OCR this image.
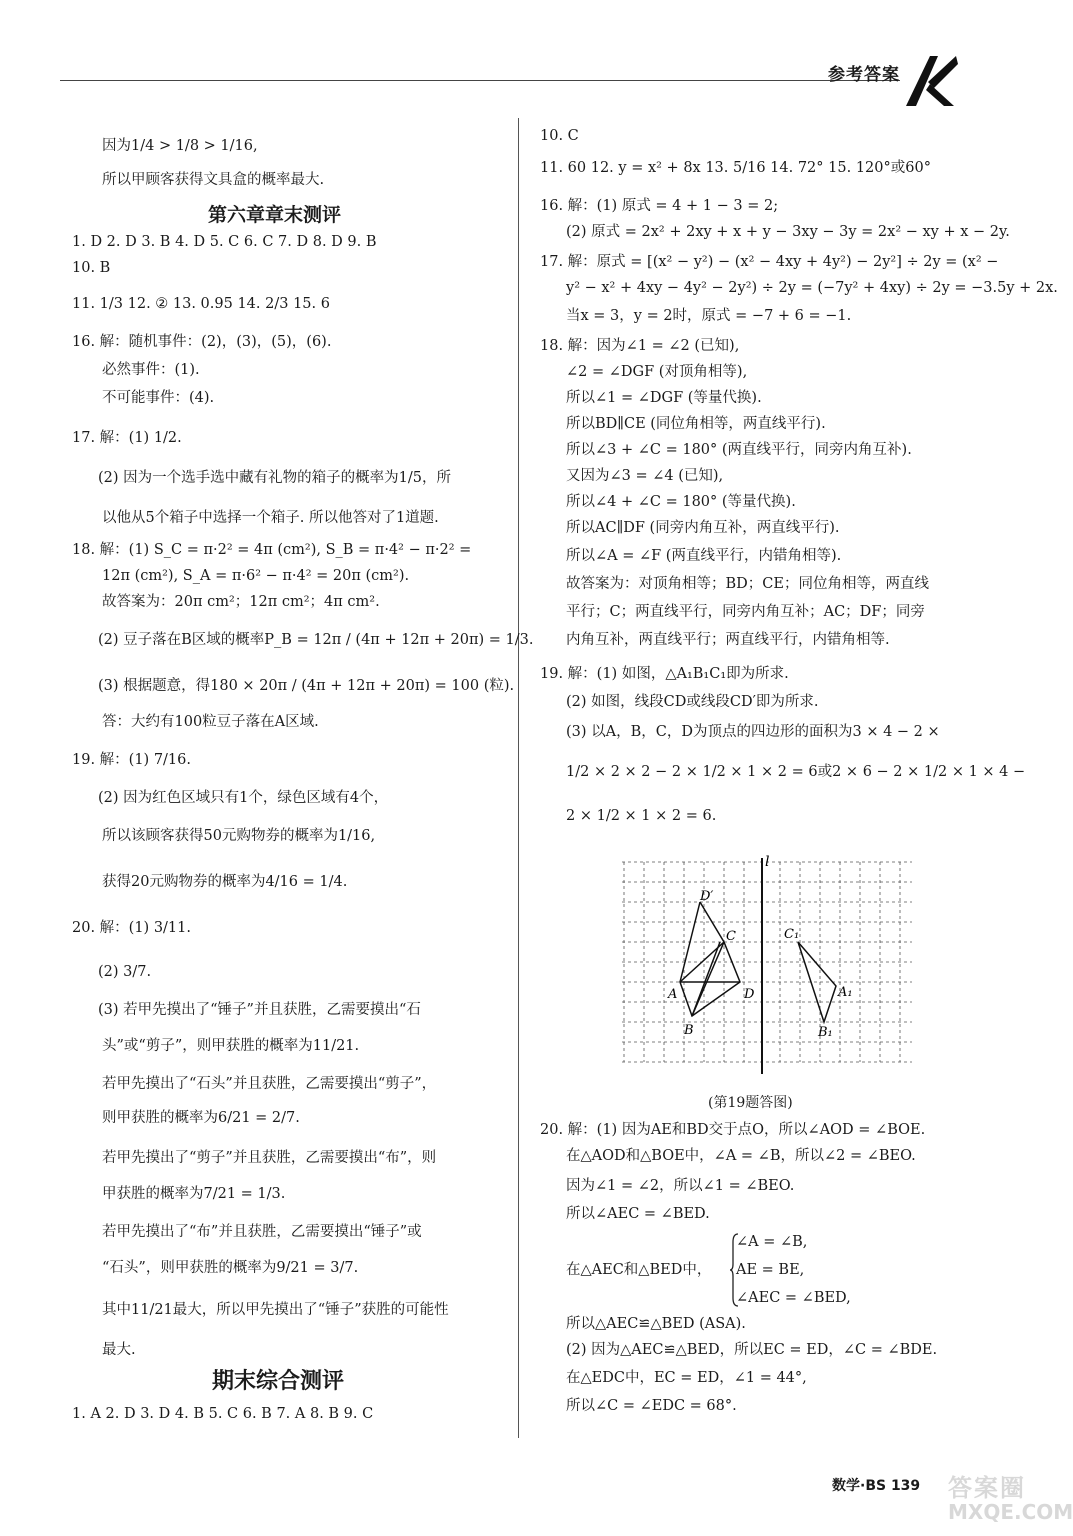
参考答案
因为1/4 > 1/8 > 1/16,
所以甲顾客获得文具盒的概率最大.
第六章章末测评
1. D 2. D 3. B 4. D 5. C 6. C 7. D 8. D 9. B
10. B
11. 1/3 12. ② 13. 0.95 14. 2/3 15. 6
16. 解：随机事件：(2)，(3)，(5)，(6).
必然事件：(1).
不可能事件：(4).
17. 解：(1) 1/2.
(2) 因为一个选手选中藏有礼物的箱子的概率为1/5，所
以他从5个箱子中选择一个箱子. 所以他答对了1道题.
18. 解：(1) S_C = π·2² = 4π (cm²), S_B = π·4² − π·2² =
12π (cm²), S_A = π·6² − π·4² = 20π (cm²).
故答案为：20π cm²；12π cm²；4π cm².
(2) 豆子落在B区域的概率P_B = 12π / (4π + 12π + 20π) = 1/3.
(3) 根据题意，得180 × 20π / (4π + 12π + 20π) = 100 (粒).
答：大约有100粒豆子落在A区域.
19. 解：(1) 7/16.
(2) 因为红色区域只有1个，绿色区域有4个，
所以该顾客获得50元购物券的概率为1/16,
获得20元购物券的概率为4/16 = 1/4.
20. 解：(1) 3/11.
(2) 3/7.
(3) 若甲先摸出了“锤子”并且获胜，乙需要摸出“石
头”或“剪子”，则甲获胜的概率为11/21.
若甲先摸出了“石头”并且获胜，乙需要摸出“剪子”，
则甲获胜的概率为6/21 = 2/7.
若甲先摸出了“剪子”并且获胜，乙需要摸出“布”，则
甲获胜的概率为7/21 = 1/3.
若甲先摸出了“布”并且获胜，乙需要摸出“锤子”或
“石头”，则甲获胜的概率为9/21 = 3/7.
其中11/21最大，所以甲先摸出了“锤子”获胜的可能性
最大.
期末综合测评
1. A 2. D 3. D 4. B 5. C 6. B 7. A 8. B 9. C
10. C
11. 60 12. y = x² + 8x 13. 5/16 14. 72° 15. 120°或60°
16. 解：(1) 原式 = 4 + 1 − 3 = 2;
(2) 原式 = 2x² + 2xy + x + y − 3xy − 3y = 2x² − xy + x − 2y.
17. 解：原式 = [(x² − y²) − (x² − 4xy + 4y²) − 2y²] ÷ 2y = (x² −
y² − x² + 4xy − 4y² − 2y²) ÷ 2y = (−7y² + 4xy) ÷ 2y = −3.5y + 2x.
当x = 3，y = 2时，原式 = −7 + 6 = −1.
18. 解：因为∠1 = ∠2 (已知),
∠2 = ∠DGF (对顶角相等),
所以∠1 = ∠DGF (等量代换).
所以BD∥CE (同位角相等，两直线平行).
所以∠3 + ∠C = 180° (两直线平行，同旁内角互补).
又因为∠3 = ∠4 (已知),
所以∠4 + ∠C = 180° (等量代换).
所以AC∥DF (同旁内角互补，两直线平行).
所以∠A = ∠F (两直线平行，内错角相等).
故答案为：对顶角相等；BD；CE；同位角相等，两直线
平行；C；两直线平行，同旁内角互补；AC；DF；同旁
内角互补，两直线平行；两直线平行，内错角相等.
19. 解：(1) 如图，△A₁B₁C₁即为所求.
(2) 如图，线段CD或线段CD′即为所求.
(3) 以A，B，C，D为顶点的四边形的面积为3 × 4 − 2 ×
1/2 × 2 × 2 − 2 × 1/2 × 1 × 2 = 6或2 × 6 − 2 × 1/2 × 1 × 4 −
2 × 1/2 × 1 × 2 = 6.
20. 解：(1) 因为AE和BD交于点O，所以∠AOD = ∠BOE.
在△AOD和△BOE中，∠A = ∠B，所以∠2 = ∠BEO.
因为∠1 = ∠2，所以∠1 = ∠BEO.
所以∠AEC = ∠BED.
在△AEC和△BED中，
∠A = ∠B,
AE = BE,
∠AEC = ∠BED,
所以△AEC≌△BED (ASA).
(2) 因为△AEC≌△BED，所以EC = ED，∠C = ∠BDE.
在△EDC中，EC = ED，∠1 = 44°,
所以∠C = ∠EDC = 68°.
l
D′
C
A	D
B
C₁
A₁
B₁
(第19题答图)
数学·BS 139 答案圈
MXQE.COM
